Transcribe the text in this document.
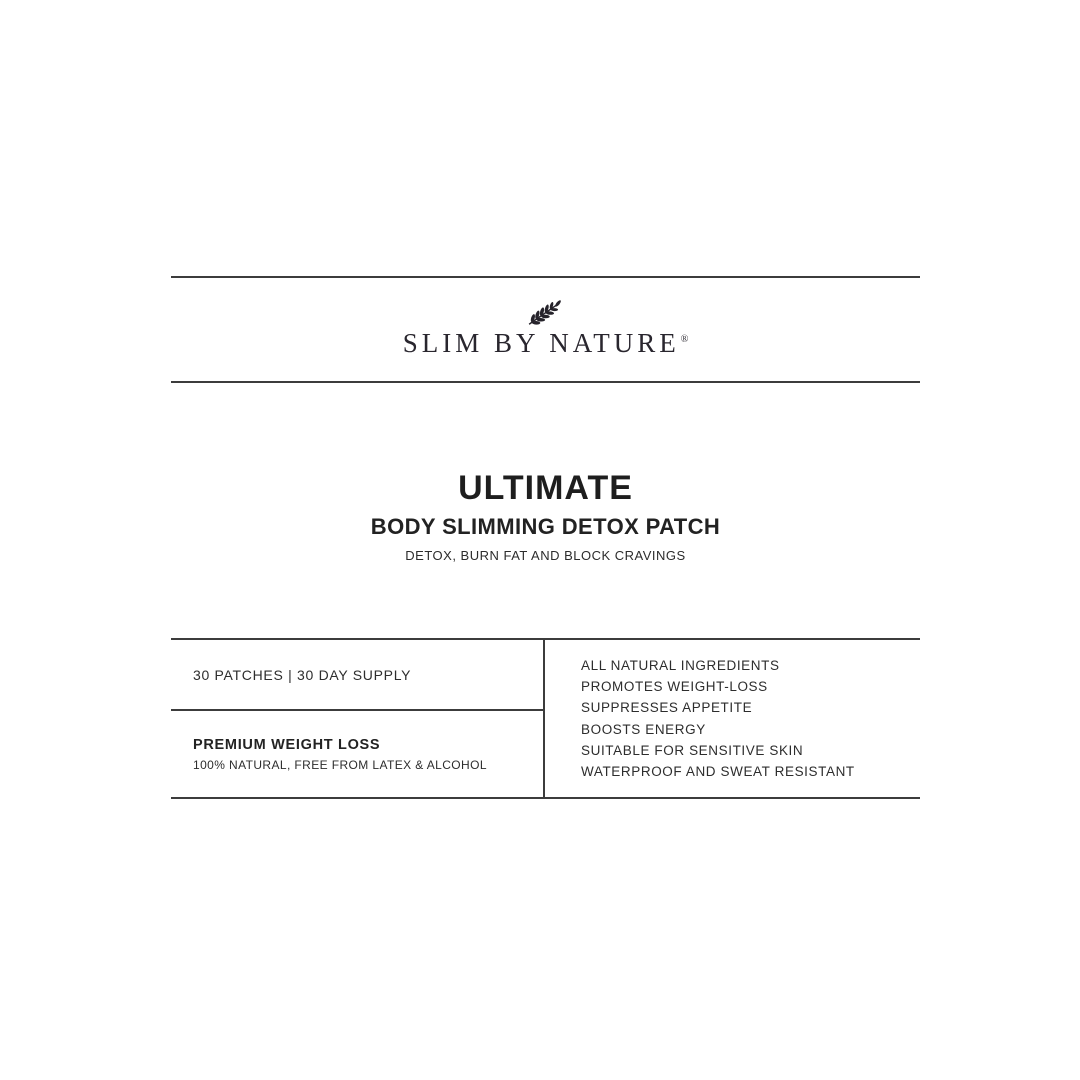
SLIM BY NATURE®
ULTIMATE
BODY SLIMMING DETOX PATCH

DETOX, BURN FAT AND BLOCK CRAVINGS

30 PATCHES | 30 DAY SUPPLY
PREMIUM WEIGHT LOSS
100% NATURAL, FREE FROM LATEX & ALCOHOL
ALL NATURAL INGREDIENTS
PROMOTES WEIGHT-LOSS
SUPPRESSES APPETITE
BOOSTS ENERGY
SUITABLE FOR SENSITIVE SKIN
WATERPROOF AND SWEAT RESISTANT
